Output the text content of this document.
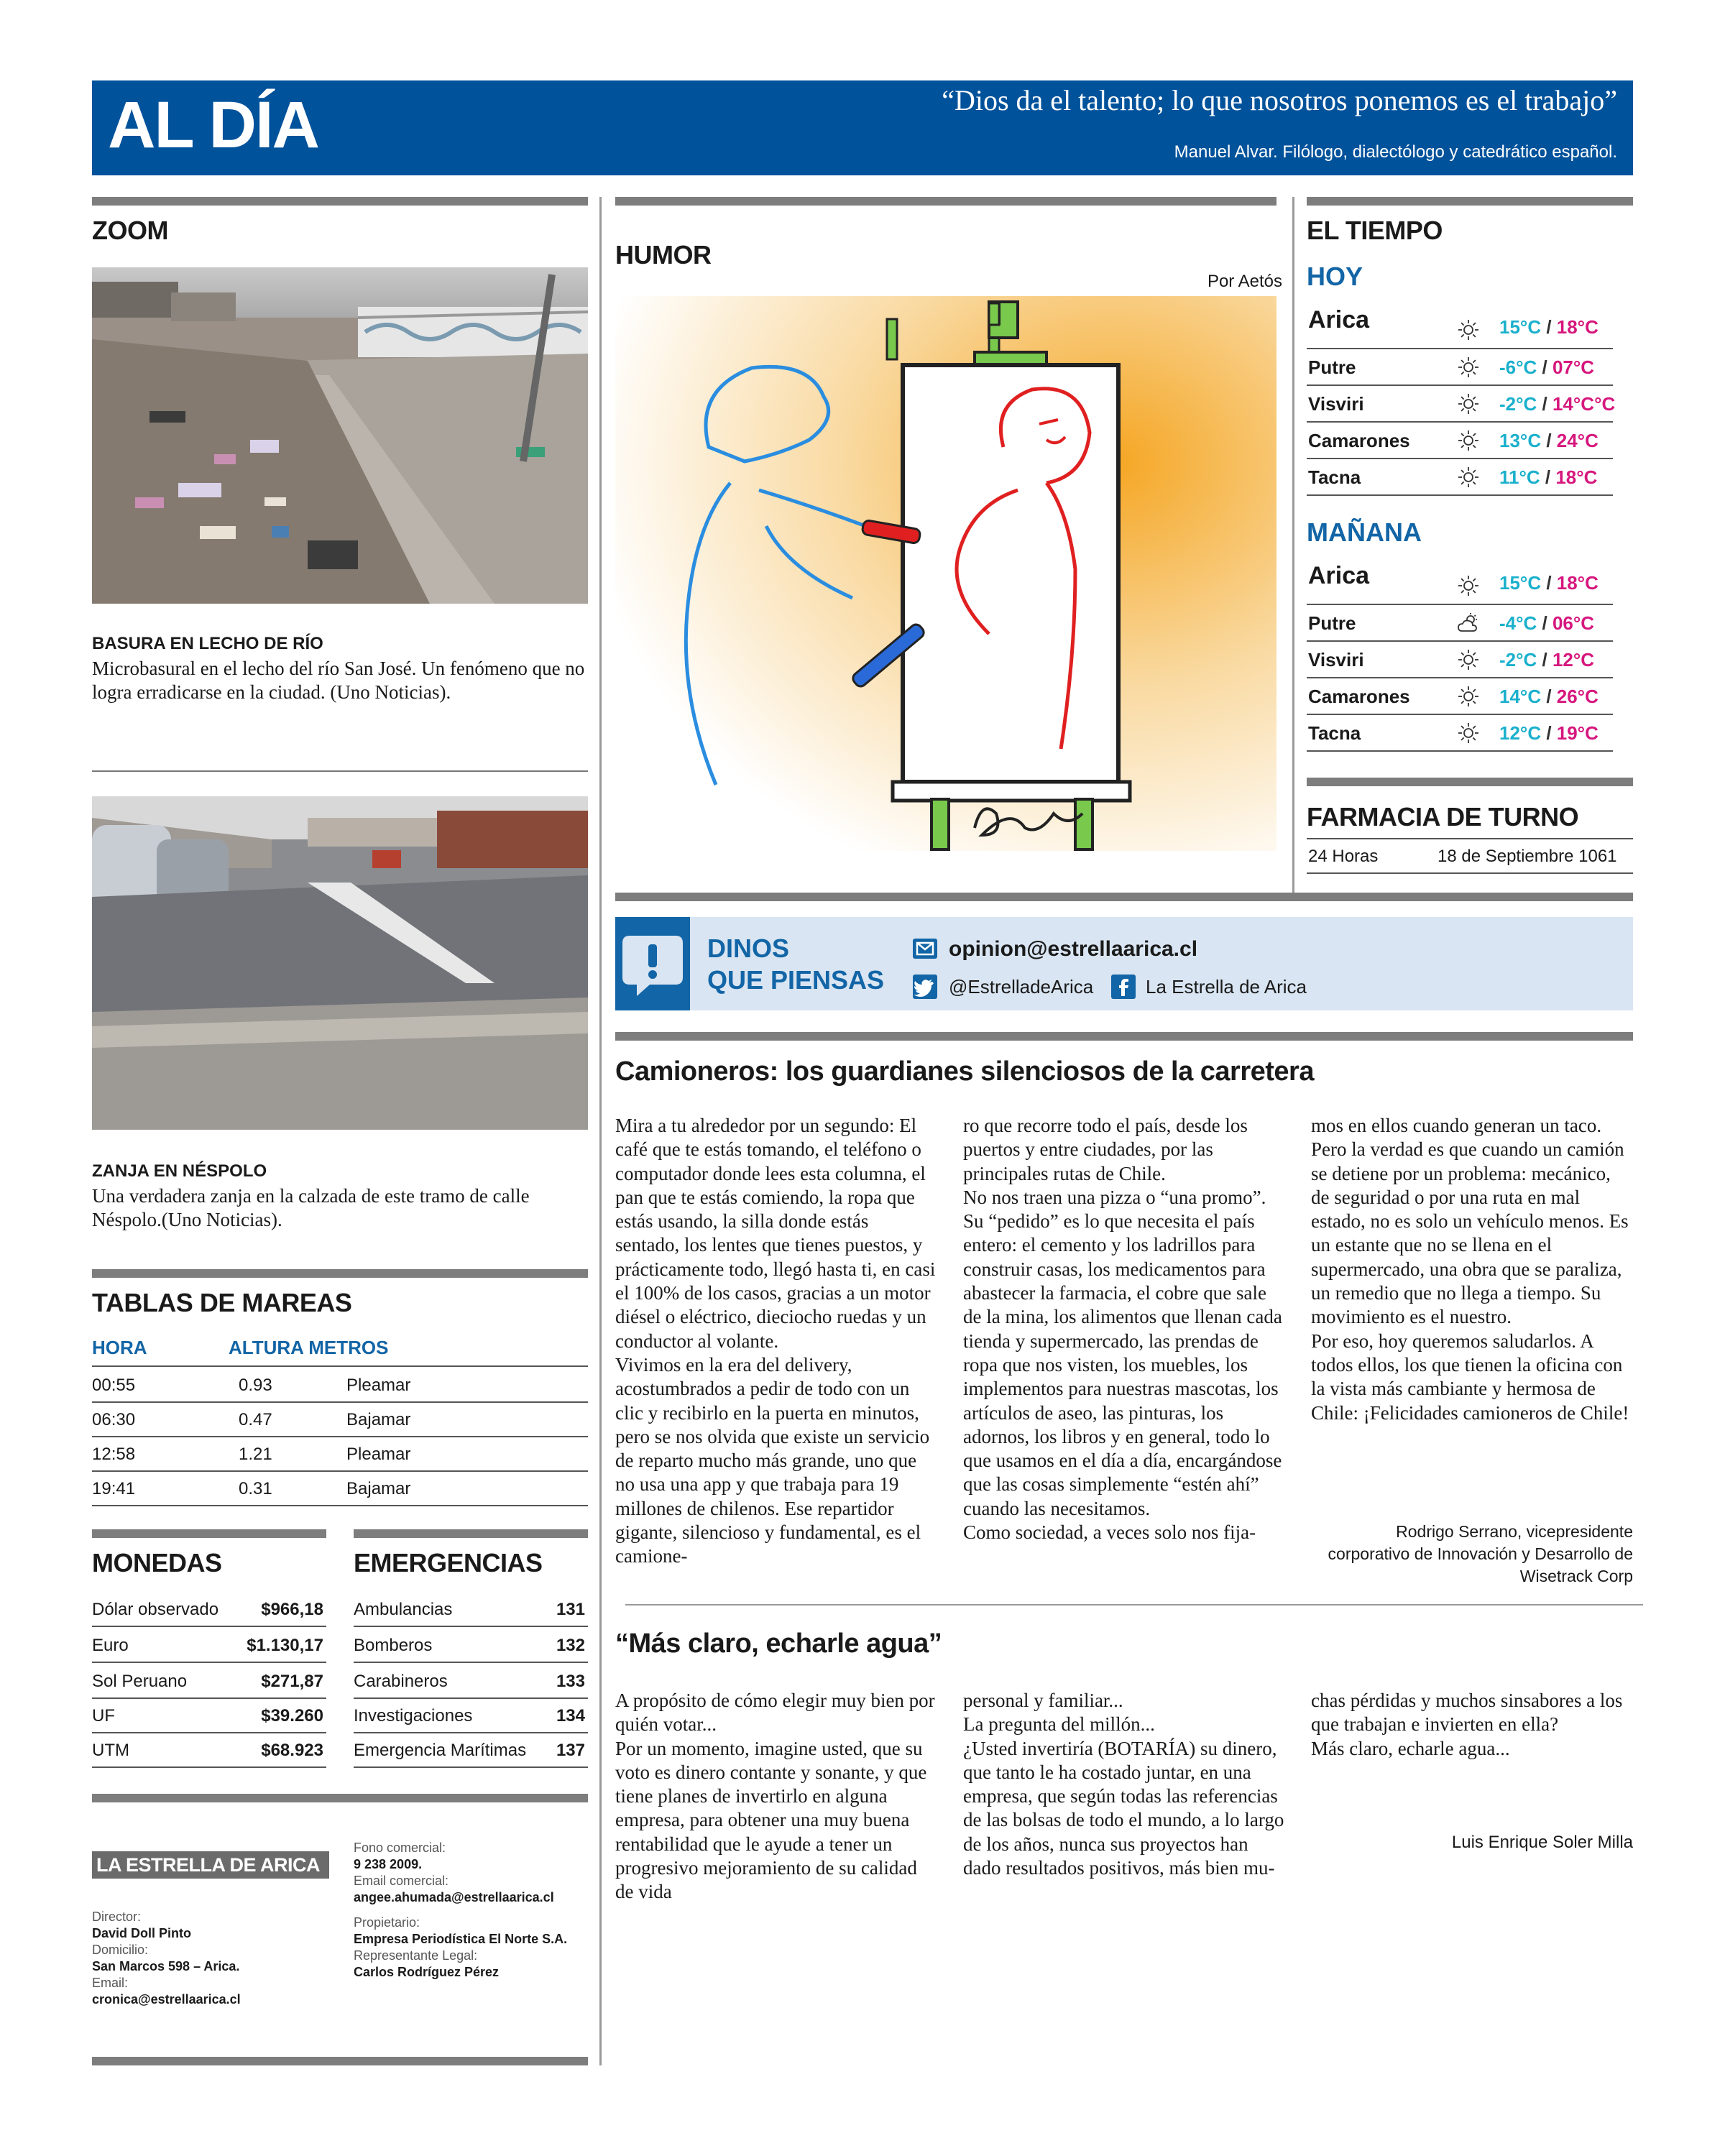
AL DÍA	“Dios da el talento; lo que nosotros ponemos es el trabajo”
Manuel Alvar. Filólogo, dialectólogo y catedrático español.
ZOOM
BASURA EN LECHO DE RÍO
Microbasural en el lecho del río San José. Un fenómeno que no logra erradicarse en la ciudad. (Uno Noticias).
ZANJA EN NÉSPOLO
Una verdadera zanja en la calzada de este tramo de calle Néspolo.(Uno Noticias).
TABLAS DE MAREAS
HORA	ALTURA METROS
00:55	0.93	Pleamar
06:30	0.47	Bajamar
12:58	1.21	Pleamar
19:41	0.31	Bajamar
MONEDAS
Dólar observado $966,18
Euro	$1.130,17
Sol Peruano	$271,87
UF	$39.260
UTM	$68.923
EMERGENCIAS
Ambulancias	131
Bomberos	132
Carabineros	133
Investigaciones	134
Emergencia Marítimas 137
LA ESTRELLA DE ARICA
Director:
David Doll Pinto
Domicilio:
San Marcos 598 – Arica.
Email:
cronica@estrellaarica.cl
Fono comercial:
9 238 2009.
Email comercial:
angee.ahumada@estrellaarica.cl
Propietario:
Empresa Periodística El Norte S.A.
Representante Legal:
Carlos Rodríguez Pérez
HUMOR
Por Aetós
EL TIEMPO
HOY
Arica	15°C / 18°C
Putre	-6°C / 07°C
Visviri	-2°C / 14°C°C
Camarones	13°C / 24°C
Tacna	11°C / 18°C
MAÑANA
Arica	15°C / 18°C
Putre	-4°C / 06°C
Visviri	-2°C / 12°C
Camarones	14°C / 26°C
Tacna	12°C / 19°C
FARMACIA DE TURNO
24 Horas	18 de Septiembre 1061
DINOS
QUE PIENSAS
opinion@estrellaarica.cl
@EstrelladeArica	La Estrella de Arica
Camioneros: los guardianes silenciosos de la carretera
Mira a tu alrededor por un segundo: El café que te estás tomando, el teléfono o computador donde lees esta columna, el pan que te estás comiendo, la ropa que estás usando, la silla donde estás sentado, los lentes que tienes puestos, y prácticamente todo, llegó hasta ti, en casi el 100% de los casos, gracias a un motor diésel o eléctrico, dieciocho ruedas y un conductor al volante.
Vivimos en la era del delivery, acostumbrados a pedir de todo con un clic y recibirlo en la puerta en minutos, pero se nos olvida que existe un servicio de reparto mucho más grande, uno que no usa una app y que trabaja para 19 millones de chilenos. Ese repartidor gigante, silencioso y fundamental, es el camione-
ro que recorre todo el país, desde los puertos y entre ciudades, por las principales rutas de Chile.
No nos traen una pizza o “una promo”. Su “pedido” es lo que necesita el país entero: el cemento y los ladrillos para construir casas, los medicamentos para abastecer la farmacia, el cobre que sale de la mina, los alimentos que llenan cada tienda y supermercado, las prendas de ropa que nos visten, los muebles, los implementos para nuestras mascotas, los artículos de aseo, las pinturas, los adornos, los libros y en general, todo lo que usamos en el día a día, encargándose que las cosas simplemente “estén ahí” cuando las necesitamos.
Como sociedad, a veces solo nos fija-
mos en ellos cuando generan un taco. Pero la verdad es que cuando un camión se detiene por un problema: mecánico, de seguridad o por una ruta en mal estado, no es solo un vehículo menos. Es un estante que no se llena en el supermercado, una obra que se paraliza, un remedio que no llega a tiempo. Su movimiento es el nuestro.
Por eso, hoy queremos saludarlos. A todos ellos, los que tienen la oficina con la vista más cambiante y hermosa de Chile: ¡Felicidades camioneros de Chile!
Rodrigo Serrano, vicepresidente corporativo de Innovación y Desarrollo de Wisetrack Corp
“Más claro, echarle agua”
A propósito de cómo elegir muy bien por quién votar...
Por un momento, imagine usted, que su voto es dinero contante y sonante, y que tiene planes de invertirlo en alguna empresa, para obtener una muy buena rentabilidad que le ayude a tener un progresivo mejoramiento de su calidad de vida
personal y familiar...
La pregunta del millón...
¿Usted invertiría (BOTARÍA) su dinero, que tanto le ha costado juntar, en una empresa, que según todas las referencias de las bolsas de todo el mundo, a lo largo de los años, nunca sus proyectos han dado resultados positivos, más bien mu-
chas pérdidas y muchos sinsabores a los que trabajan e invierten en ella?
Más claro, echarle agua...
Luis Enrique Soler Milla
